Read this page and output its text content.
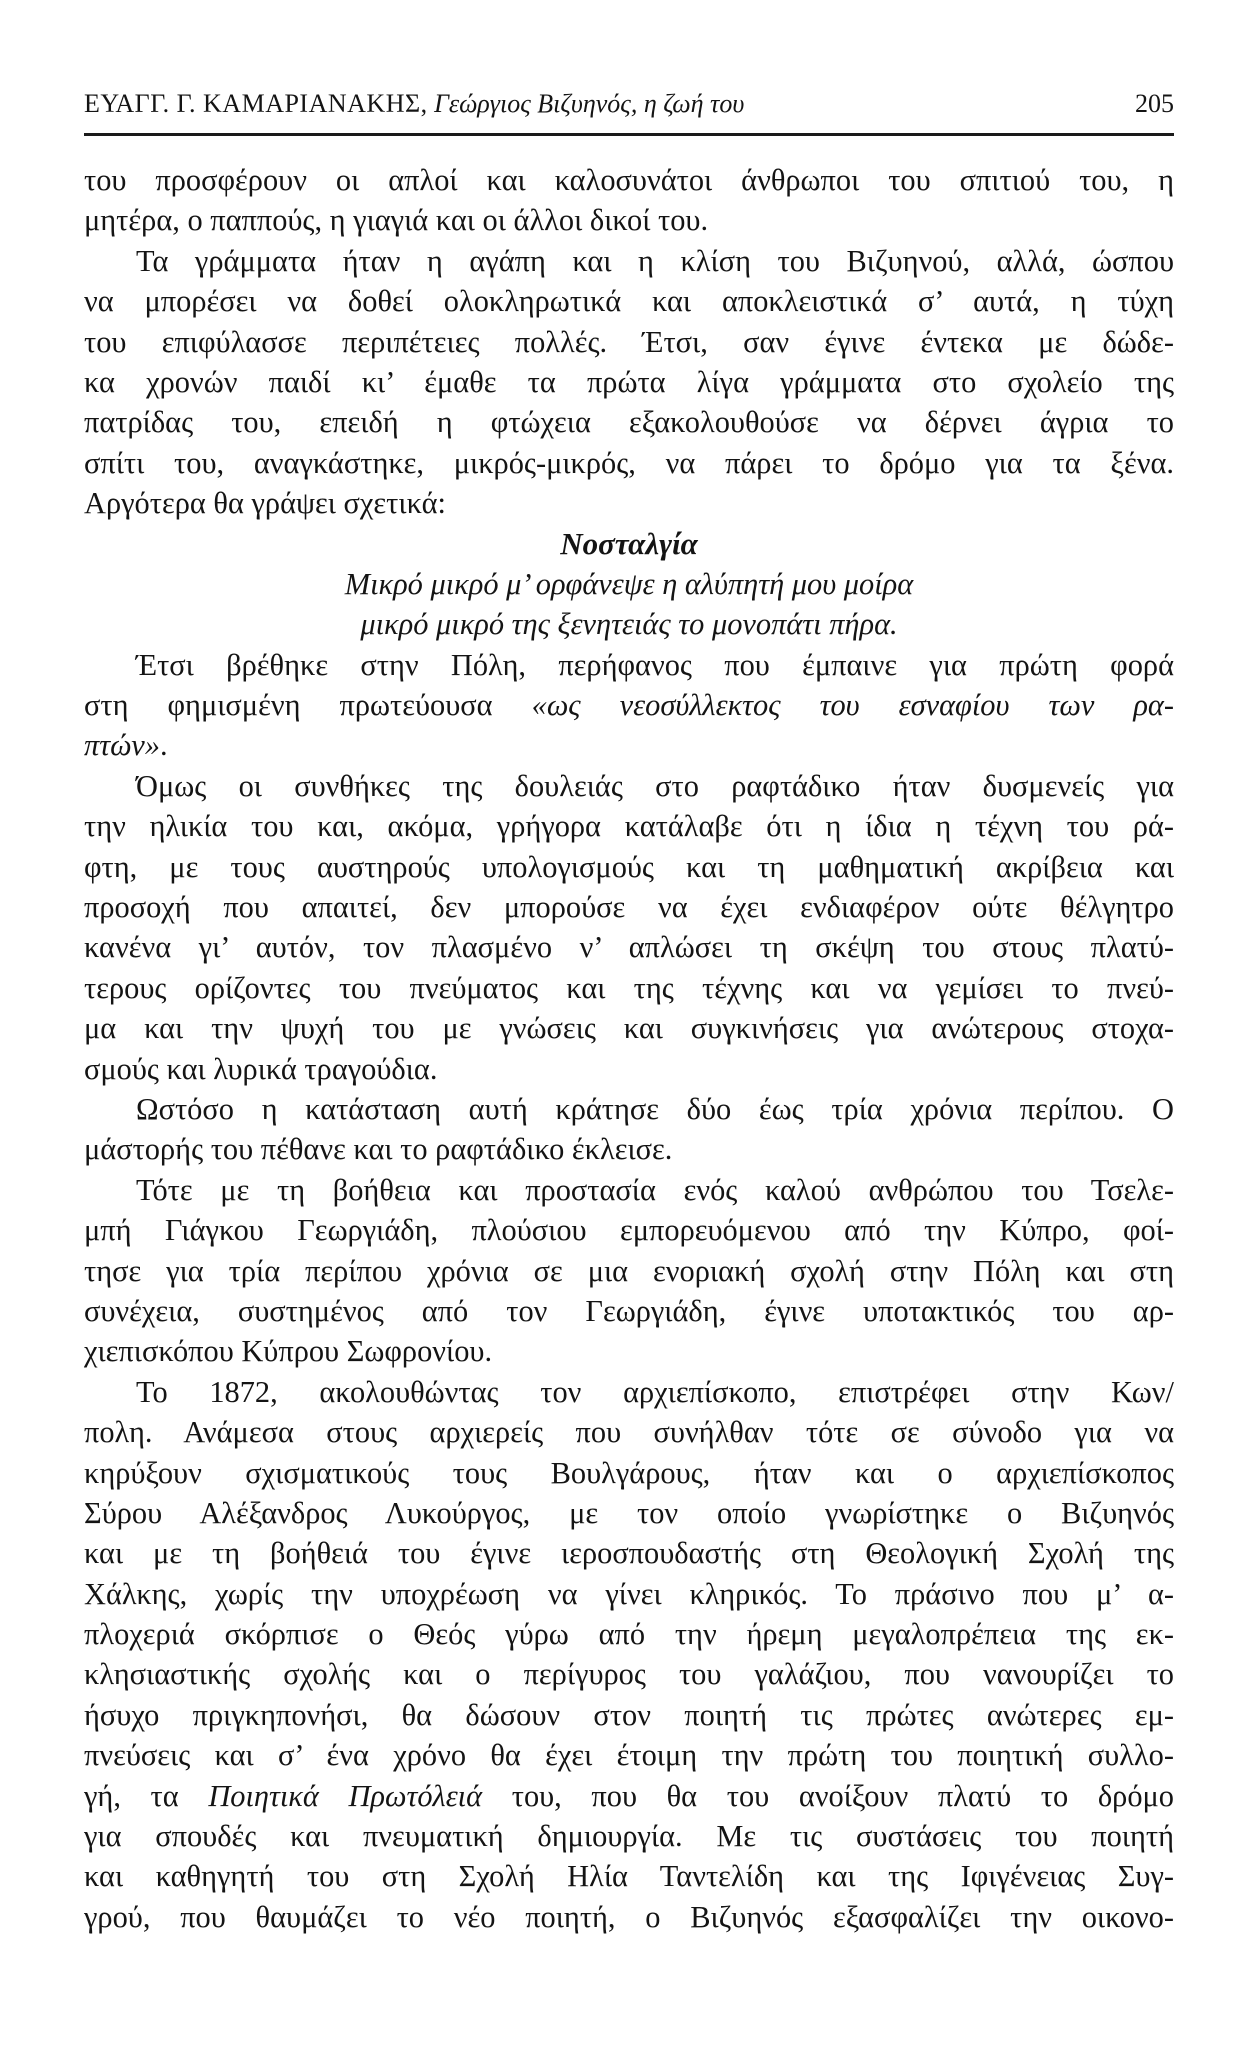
ΕΥΑΓΓ. Γ. ΚΑΜΑΡΙΑΝΑΚΗΣ, Γεώργιος Βιζυηνός, η ζωή του	205
του προσφέρουν οι απλοί και καλοσυνάτοι άνθρωποι του σπιτιού του, η
μητέρα, ο παππούς, η γιαγιά και οι άλλοι δικοί του.
Τα γράμματα ήταν η αγάπη και η κλίση του Βιζυηνού, αλλά, ώσπου
να μπορέσει να δοθεί ολοκληρωτικά και αποκλειστικά σ’ αυτά, η τύχη
του επιφύλασσε περιπέτειες πολλές. Έτσι, σαν έγινε έντεκα με δώδε-
κα χρονών παιδί κι’ έμαθε τα πρώτα λίγα γράμματα στο σχολείο της
πατρίδας του, επειδή η φτώχεια εξακολουθούσε να δέρνει άγρια το
σπίτι του, αναγκάστηκε, μικρός-μικρός, να πάρει το δρόμο για τα ξένα.
Αργότερα θα γράψει σχετικά:
Νοσταλγία
Μικρό μικρό μ’ ορφάνεψε η αλύπητή μου μοίρα
μικρό μικρό της ξενητειάς το μονοπάτι πήρα.
Έτσι βρέθηκε στην Πόλη, περήφανος που έμπαινε για πρώτη φορά
στη φημισμένη πρωτεύουσα «ως νεοσύλλεκτος του εσναφίου των ρα-
πτών».
Όμως οι συνθήκες της δουλειάς στο ραφτάδικο ήταν δυσμενείς για
την ηλικία του και, ακόμα, γρήγορα κατάλαβε ότι η ίδια η τέχνη του ρά-
φτη, με τους αυστηρούς υπολογισμούς και τη μαθηματική ακρίβεια και
προσοχή που απαιτεί, δεν μπορούσε να έχει ενδιαφέρον ούτε θέλγητρο
κανένα γι’ αυτόν, τον πλασμένο ν’ απλώσει τη σκέψη του στους πλατύ-
τερους ορίζοντες του πνεύματος και της τέχνης και να γεμίσει το πνεύ-
μα και την ψυχή του με γνώσεις και συγκινήσεις για ανώτερους στοχα-
σμούς και λυρικά τραγούδια.
Ωστόσο η κατάσταση αυτή κράτησε δύο έως τρία χρόνια περίπου. Ο
μάστορής του πέθανε και το ραφτάδικο έκλεισε.
Τότε με τη βοήθεια και προστασία ενός καλού ανθρώπου του Τσελε-
μπή Γιάγκου Γεωργιάδη, πλούσιου εμπορευόμενου από την Κύπρο, φοί-
τησε για τρία περίπου χρόνια σε μια ενοριακή σχολή στην Πόλη και στη
συνέχεια, συστημένος από τον Γεωργιάδη, έγινε υποτακτικός του αρ-
χιεπισκόπου Κύπρου Σωφρονίου.
Το 1872, ακολουθώντας τον αρχιεπίσκοπο, επιστρέφει στην Κων/
πολη. Ανάμεσα στους αρχιερείς που συνήλθαν τότε σε σύνοδο για να
κηρύξουν σχισματικούς τους Βουλγάρους, ήταν και ο αρχιεπίσκοπος
Σύρου Αλέξανδρος Λυκούργος, με τον οποίο γνωρίστηκε ο Βιζυηνός
και με τη βοήθειά του έγινε ιεροσπουδαστής στη Θεολογική Σχολή της
Χάλκης, χωρίς την υποχρέωση να γίνει κληρικός. Το πράσινο που μ’ α-
πλοχεριά σκόρπισε ο Θεός γύρω από την ήρεμη μεγαλοπρέπεια της εκ-
κλησιαστικής σχολής και ο περίγυρος του γαλάζιου, που νανουρίζει το
ήσυχο πριγκηπονήσι, θα δώσουν στον ποιητή τις πρώτες ανώτερες εμ-
πνεύσεις και σ’ ένα χρόνο θα έχει έτοιμη την πρώτη του ποιητική συλλο-
γή, τα Ποιητικά Πρωτόλειά του, που θα του ανοίξουν πλατύ το δρόμο
για σπουδές και πνευματική δημιουργία. Με τις συστάσεις του ποιητή
και καθηγητή του στη Σχολή Ηλία Ταντελίδη και της Ιφιγένειας Συγ-
γρού, που θαυμάζει το νέο ποιητή, ο Βιζυηνός εξασφαλίζει την οικονο-
